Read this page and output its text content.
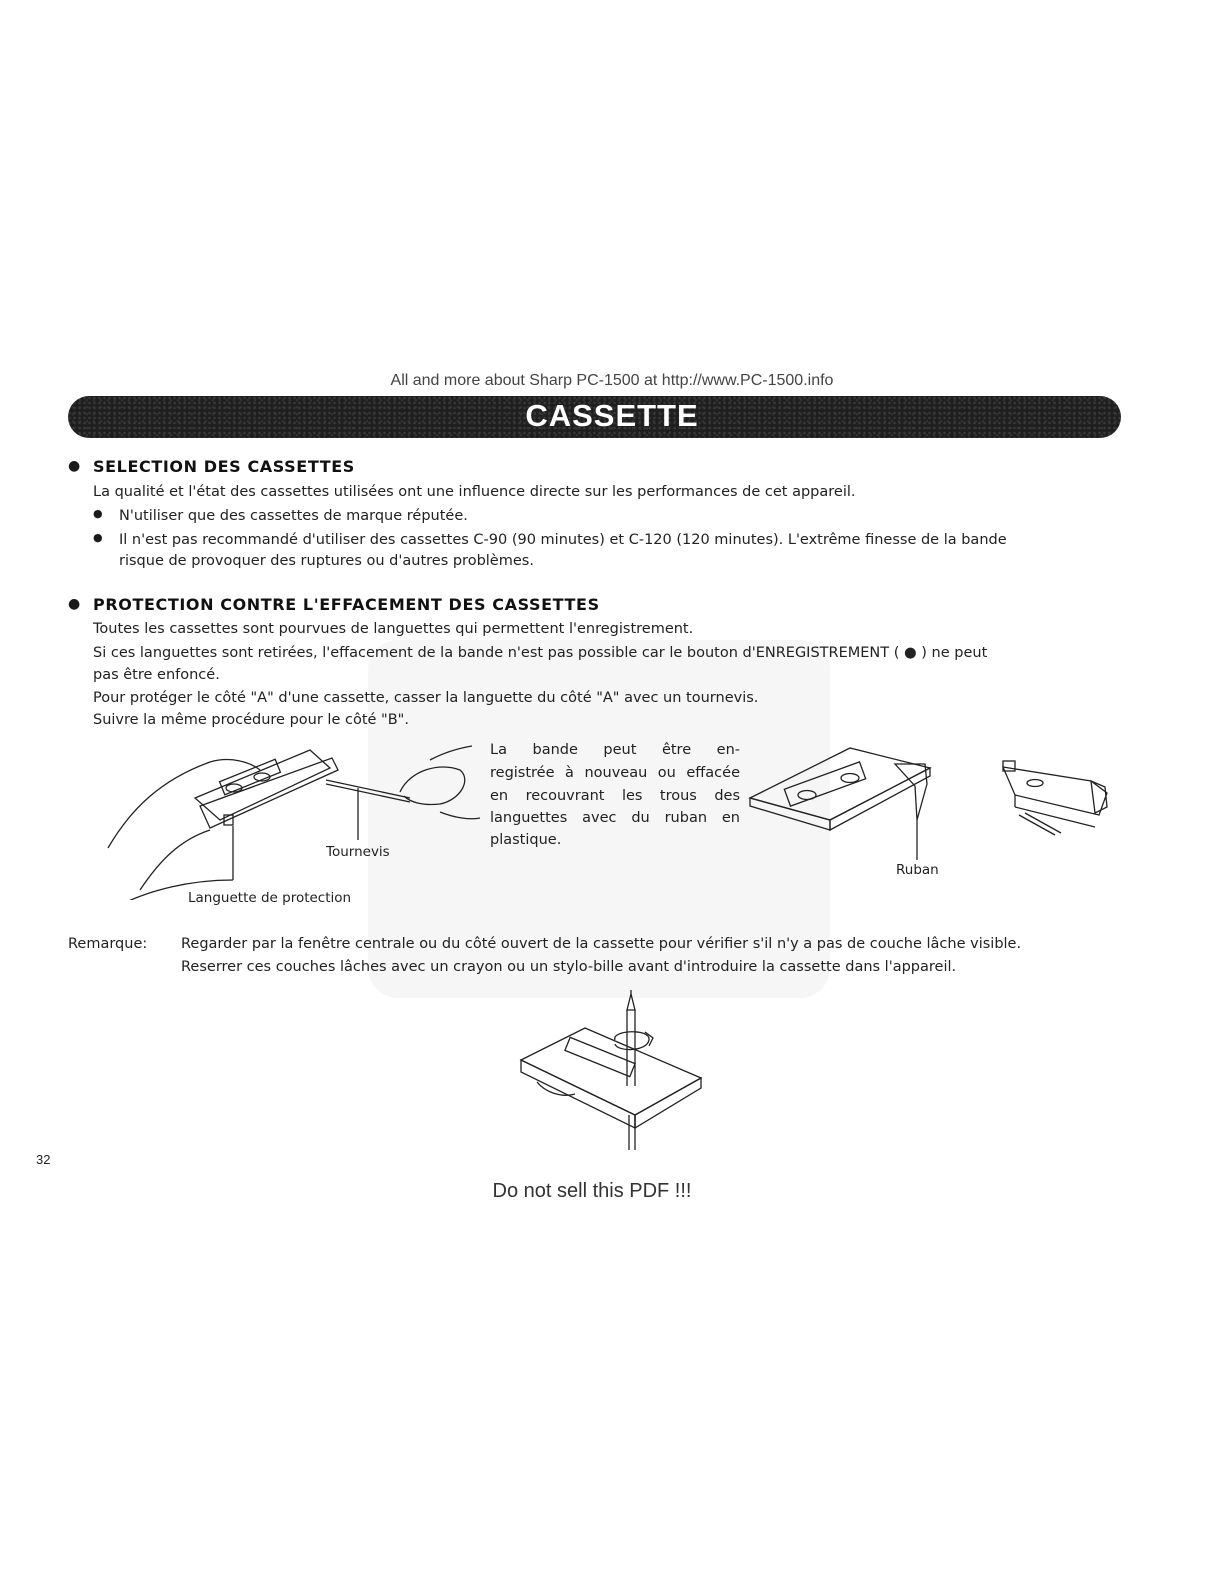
All and more about Sharp PC-1500 at http://www.PC-1500.info
CASSETTE
● SELECTION DES CASSETTES
La qualité et l'état des cassettes utilisées ont une influence directe sur les performances de cet appareil.
● N'utiliser que des cassettes de marque réputée.
● Il n'est pas recommandé d'utiliser des cassettes C-90 (90 minutes) et C-120 (120 minutes). L'extrême finesse de la bande
risque de provoquer des ruptures ou d'autres problèmes.
● PROTECTION CONTRE L'EFFACEMENT DES CASSETTES
Toutes les cassettes sont pourvues de languettes qui permettent l'enregistrement.
Si ces languettes sont retirées, l'effacement de la bande n'est pas possible car le bouton d'ENREGISTREMENT ( ● ) ne peut
pas être enfoncé.
Pour protéger le côté "A" d'une cassette, casser la languette du côté "A" avec un tournevis.
Suivre la même procédure pour le côté "B".
Tournevis
Languette de protection
La bande peut être en-
registrée à nouveau ou effacée
en recouvrant les trous des
languettes avec du ruban en
plastique.
Ruban
Remarque: Regarder par la fenêtre centrale ou du côté ouvert de la cassette pour vérifier s'il n'y a pas de couche lâche visible.
Reserrer ces couches lâches avec un crayon ou un stylo-bille avant d'introduire la cassette dans l'appareil.
32
Do not sell this PDF !!!
